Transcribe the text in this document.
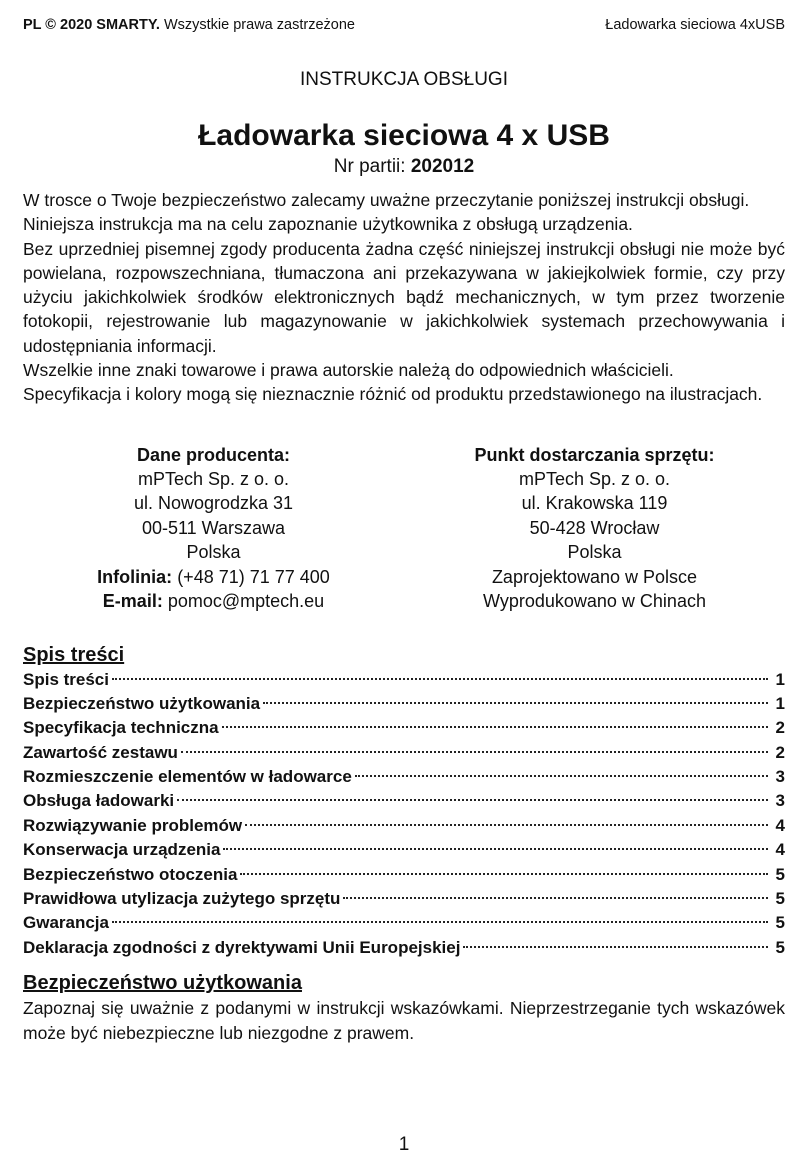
PL © 2020 SMARTY. Wszystkie prawa zastrzeżone	Ładowarka sieciowa 4xUSB
INSTRUKCJA OBSŁUGI
Ładowarka sieciowa 4 x USB
Nr partii: 202012

W trosce o Twoje bezpieczeństwo zalecamy uważne przeczytanie poniższej instrukcji obsługi.

Niniejsza instrukcja ma na celu zapoznanie użytkownika z obsługą urządzenia.

Bez uprzedniej pisemnej zgody producenta żadna część niniejszej instrukcji obsługi nie może być powielana, rozpowszechniana, tłumaczona ani przekazywana w jakiejkolwiek formie, czy przy użyciu jakichkolwiek środków elektronicznych bądź mechanicznych, w tym przez tworzenie fotokopii, rejestrowanie lub magazynowanie w jakichkolwiek systemach przechowywania i udostępniania informacji.

Wszelkie inne znaki towarowe i prawa autorskie należą do odpowiednich właścicieli.

Specyfikacja i kolory mogą się nieznacznie różnić od produktu przedstawionego na ilustracjach.

Dane producenta:
mPTech Sp. z o. o.
ul. Nowogrodzka 31
00-511 Warszawa
Polska
Infolinia: (+48 71) 71 77 400
E-mail: pomoc@mptech.eu
Punkt dostarczania sprzętu:
mPTech Sp. z o. o.
ul. Krakowska 119
50-428 Wrocław
Polska
Zaprojektowano w Polsce
Wyprodukowano w Chinach
Spis treści
Spis treści	1
Bezpieczeństwo użytkowania	1
Specyfikacja techniczna	2
Zawartość zestawu	2
Rozmieszczenie elementów w ładowarce	3
Obsługa ładowarki	3
Rozwiązywanie problemów	4
Konserwacja urządzenia	4
Bezpieczeństwo otoczenia	5
Prawidłowa utylizacja zużytego sprzętu	5
Gwarancja	5
Deklaracja zgodności z dyrektywami Unii Europejskiej	5
Bezpieczeństwo użytkowania

Zapoznaj się uważnie z podanymi w instrukcji wskazówkami. Nieprzestrzeganie tych wskazówek może być niebezpieczne lub niezgodne z prawem.

1
